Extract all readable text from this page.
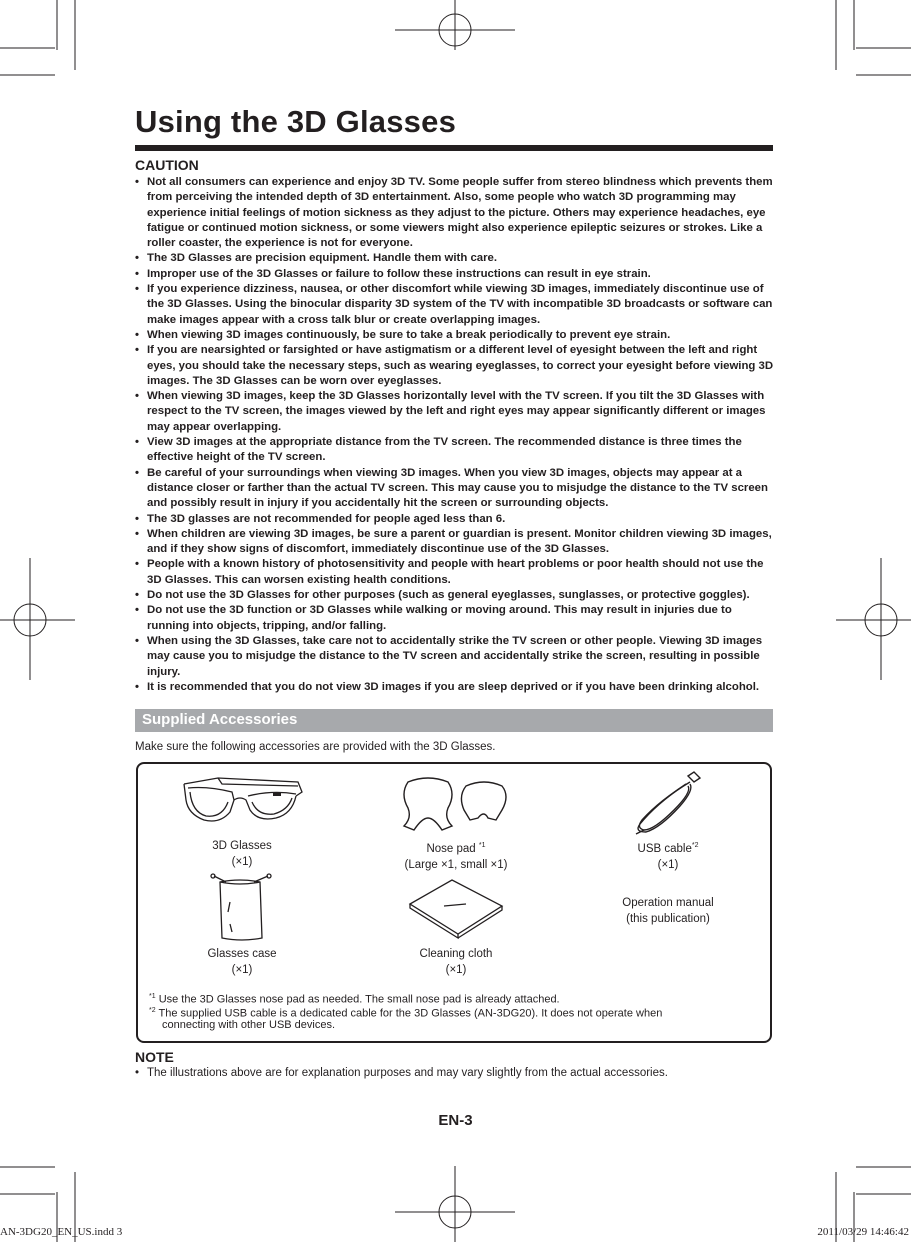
Using the 3D Glasses
CAUTION
• Not all consumers can experience and enjoy 3D TV. Some people suffer from stereo blindness which prevents them from perceiving the intended depth of 3D entertainment. Also, some people who watch 3D programming may experience initial feelings of motion sickness as they adjust to the picture. Others may experience headaches, eye fatigue or continued motion sickness, or some viewers might also experience epileptic seizures or strokes. Like a roller coaster, the experience is not for everyone.
• The 3D Glasses are precision equipment. Handle them with care.
• Improper use of the 3D Glasses or failure to follow these instructions can result in eye strain.
• If you experience dizziness, nausea, or other discomfort while viewing 3D images, immediately discontinue use of the 3D Glasses. Using the binocular disparity 3D system of the TV with incompatible 3D broadcasts or software can make images appear with a cross talk blur or create overlapping images.
• When viewing 3D images continuously, be sure to take a break periodically to prevent eye strain.
• If you are nearsighted or farsighted or have astigmatism or a different level of eyesight between the left and right eyes, you should take the necessary steps, such as wearing eyeglasses, to correct your eyesight before viewing 3D images. The 3D Glasses can be worn over eyeglasses.
• When viewing 3D images, keep the 3D Glasses horizontally level with the TV screen. If you tilt the 3D Glasses with respect to the TV screen, the images viewed by the left and right eyes may appear significantly different or images may appear overlapping.
• View 3D images at the appropriate distance from the TV screen. The recommended distance is three times the effective height of the TV screen.
• Be careful of your surroundings when viewing 3D images. When you view 3D images, objects may appear at a distance closer or farther than the actual TV screen. This may cause you to misjudge the distance to the TV screen and possibly result in injury if you accidentally hit the screen or surrounding objects.
• The 3D glasses are not recommended for people aged less than 6.
• When children are viewing 3D images, be sure a parent or guardian is present. Monitor children viewing 3D images, and if they show signs of discomfort, immediately discontinue use of the 3D Glasses.
• People with a known history of photosensitivity and people with heart problems or poor health should not use the 3D Glasses. This can worsen existing health conditions.
• Do not use the 3D Glasses for other purposes (such as general eyeglasses, sunglasses, or protective goggles).
• Do not use the 3D function or 3D Glasses while walking or moving around. This may result in injuries due to running into objects, tripping, and/or falling.
• When using the 3D Glasses, take care not to accidentally strike the TV screen or other people. Viewing 3D images may cause you to misjudge the distance to the TV screen and accidentally strike the screen, resulting in possible injury.
• It is recommended that you do not view 3D images if you are sleep deprived or if you have been drinking alcohol.
Supplied Accessories
Make sure the following accessories are provided with the 3D Glasses.
3D Glasses
(×1)
Nose pad $^{*1}$
(Large ×1, small ×1)
USB cable$^{*2}$
(×1)
Glasses case
(×1)
Cleaning cloth
(×1)
Operation manual
(this publication)
$^{*1}$ Use the 3D Glasses nose pad as needed. The small nose pad is already attached.
$^{*2}$ The supplied USB cable is a dedicated cable for the 3D Glasses (AN-3DG20). It does not operate when
connecting with other USB devices.
NOTE
• The illustrations above are for explanation purposes and may vary slightly from the actual accessories.
EN-3
AN-3DG20_EN_US.indd 3	2011/03/29 14:46:42
